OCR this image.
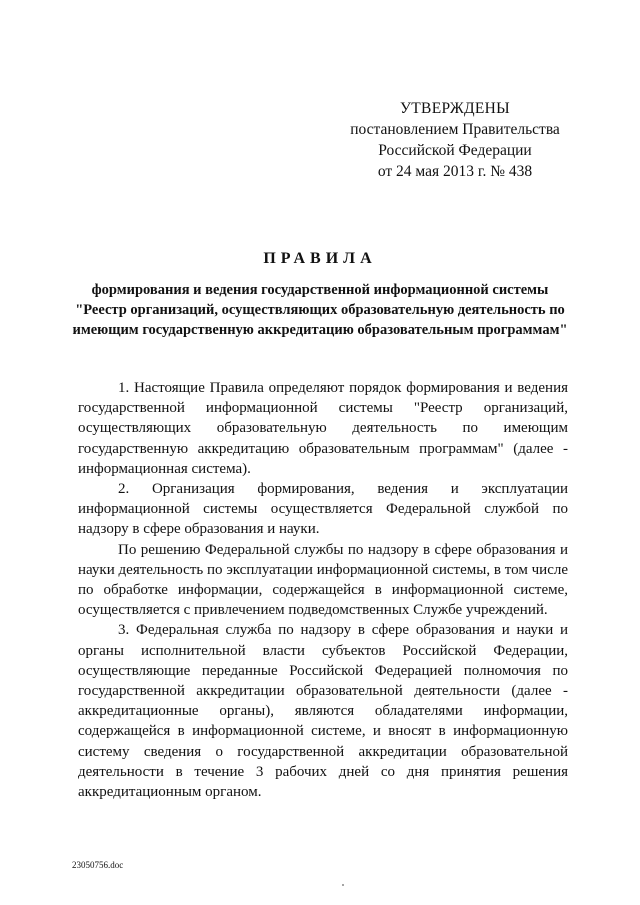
УТВЕРЖДЕНЫ
постановлением Правительства
Российской Федерации
от 24 мая 2013 г. № 438
ПРАВИЛА
формирования и ведения государственной информационной системы "Реестр организаций, осуществляющих образовательную деятельность по имеющим государственную аккредитацию образовательным программам"

1. Настоящие Правила определяют порядок формирования и ведения государственной информационной системы "Реестр организаций, осуществляющих образовательную деятельность по имеющим государственную аккредитацию образовательным программам" (далее - информационная система).

2. Организация формирования, ведения и эксплуатации информационной системы осуществляется Федеральной службой по надзору в сфере образования и науки.

По решению Федеральной службы по надзору в сфере образования и науки деятельность по эксплуатации информационной системы, в том числе по обработке информации, содержащейся в информационной системе, осуществляется с привлечением подведомственных Службе учреждений.

3. Федеральная служба по надзору в сфере образования и науки и органы исполнительной власти субъектов Российской Федерации, осуществляющие переданные Российской Федерацией полномочия по государственной аккредитации образовательной деятельности (далее - аккредитационные органы), являются обладателями информации, содержащейся в информационной системе, и вносят в информационную систему сведения о государственной аккредитации образовательной деятельности в течение 3 рабочих дней со дня принятия решения аккредитационным органом.

23050756.doc
